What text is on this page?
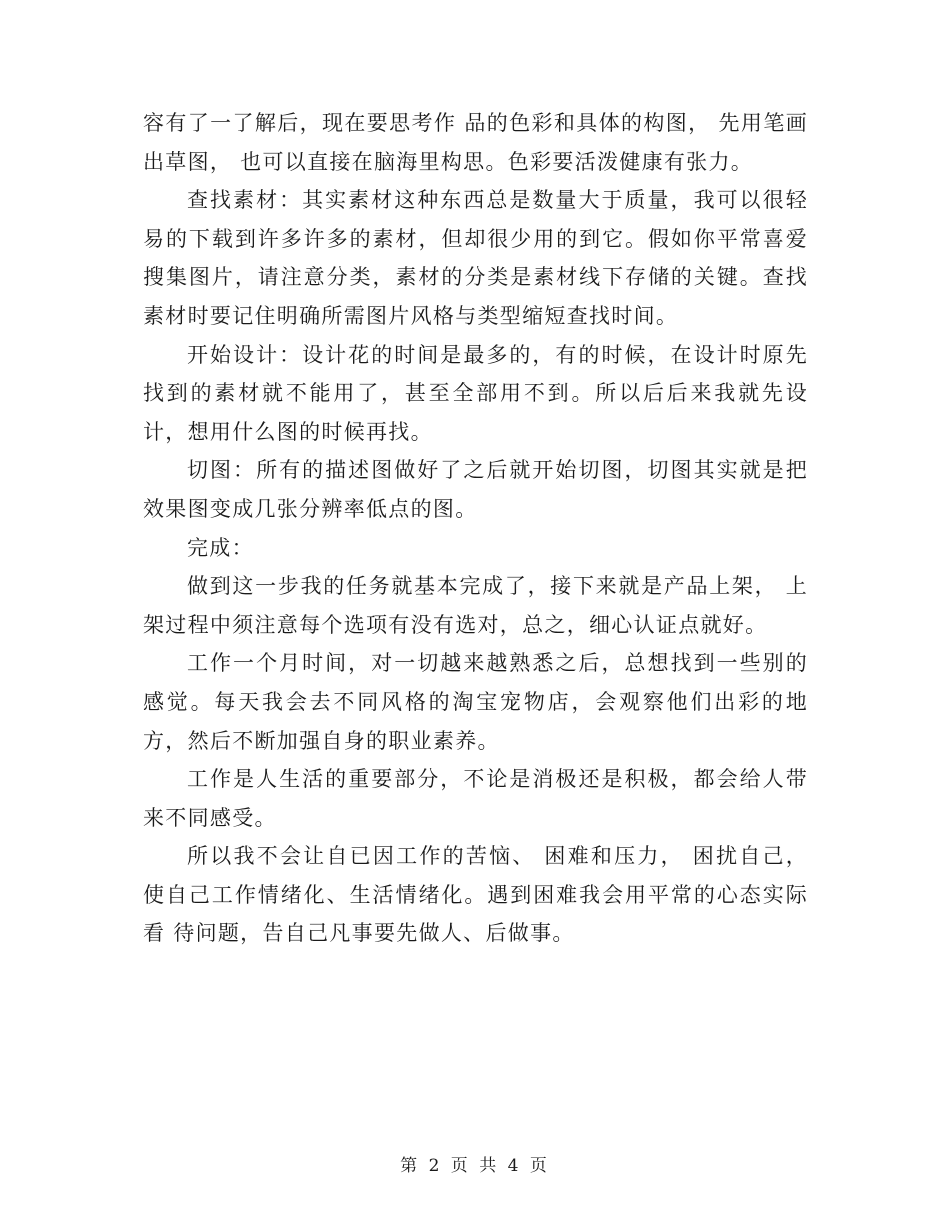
容有了一了解后，现在要思考作 品的色彩和具体的构图， 先用笔画出草图， 也可以直接在脑海里构思。色彩要活泼健康有张力。

查找素材：其实素材这种东西总是数量大于质量，我可以很轻易的下载到许多许多的素材，但却很少用的到它。假如你平常喜爱搜集图片，请注意分类，素材的分类是素材线下存储的关键。查找素材时要记住明确所需图片风格与类型缩短查找时间。

开始设计：设计花的时间是最多的，有的时候，在设计时原先找到的素材就不能用了，甚至全部用不到。所以后后来我就先设计，想用什么图的时候再找。

切图：所有的描述图做好了之后就开始切图，切图其实就是把效果图变成几张分辨率低点的图。

完成：

做到这一步我的任务就基本完成了，接下来就是产品上架， 上架过程中须注意每个选项有没有选对，总之，细心认证点就好。

工作一个月时间，对一切越来越熟悉之后，总想找到一些别的感觉。每天我会去不同风格的淘宝宠物店，会观察他们出彩的地方，然后不断加强自身的职业素养。

工作是人生活的重要部分，不论是消极还是积极，都会给人带来不同感受。

所以我不会让自已因工作的苦恼、 困难和压力， 困扰自己， 使自己工作情绪化、生活情绪化。遇到困难我会用平常的心态实际看 待问题，告自己凡事要先做人、后做事。

第 2 页 共 4 页
